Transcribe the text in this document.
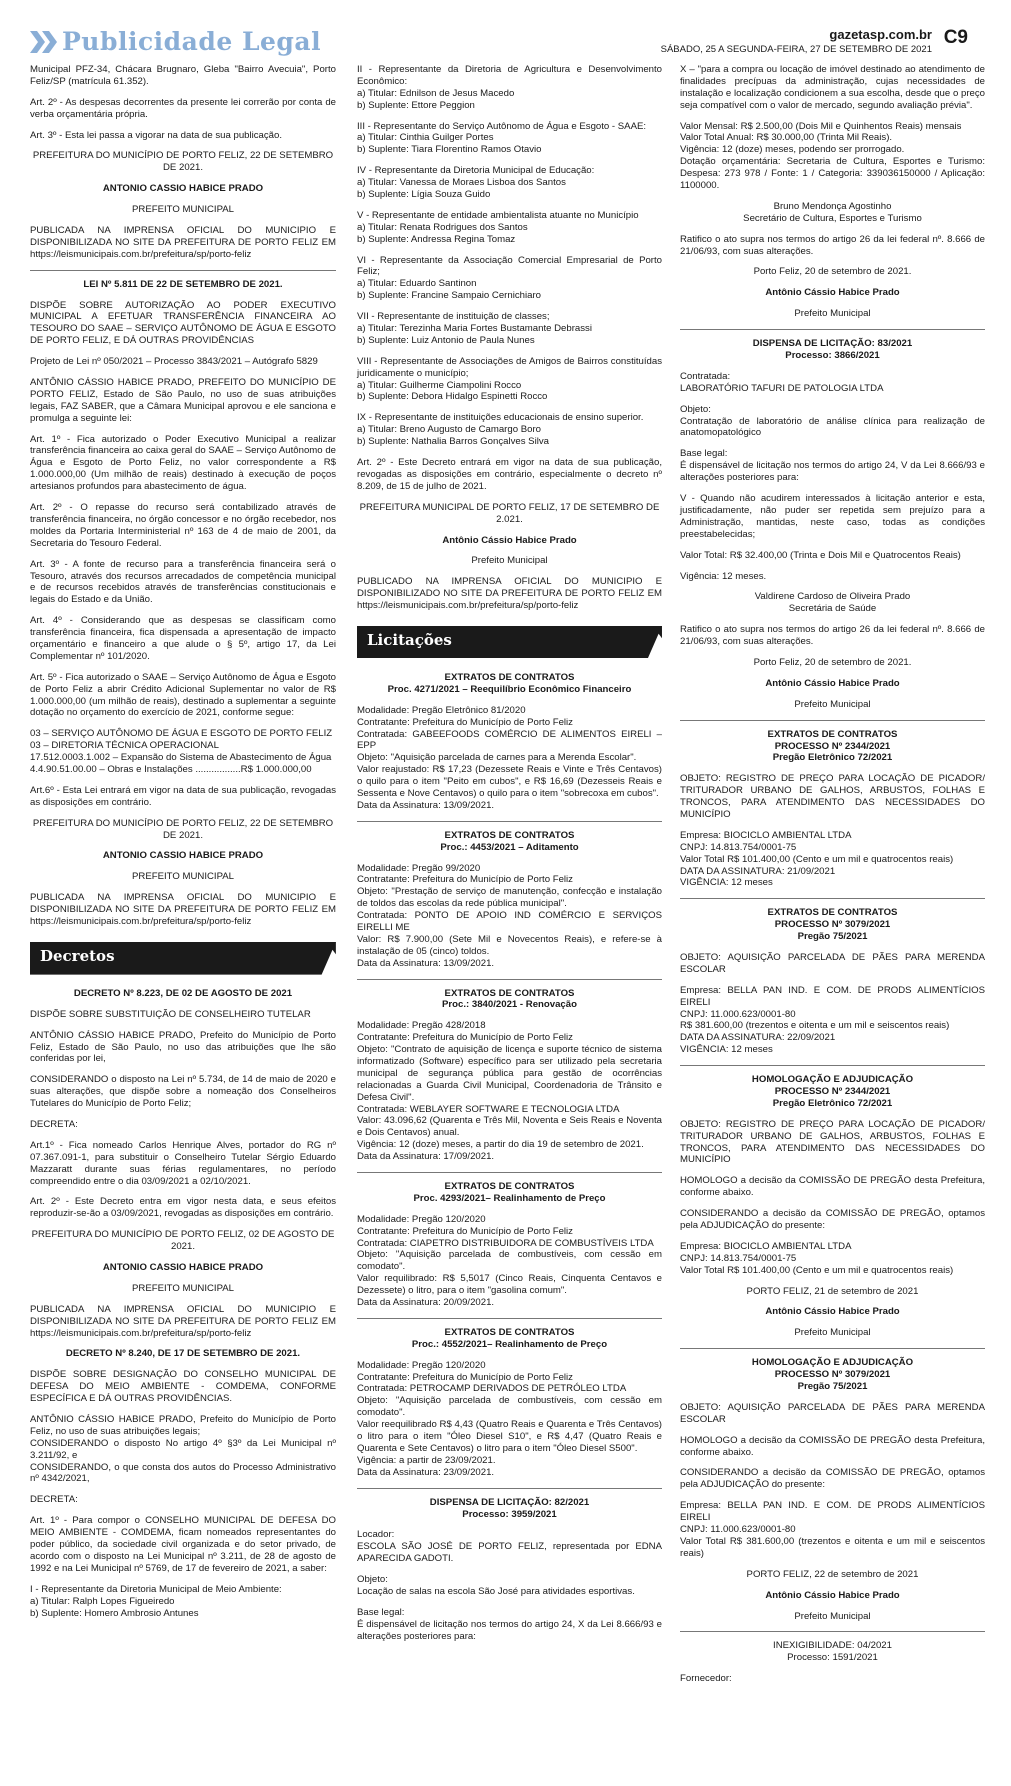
Publicidade Legal	gazetasp.com.br
SÁBADO, 25 A SEGUNDA-FEIRA, 27 DE SETEMBRO DE 2021
C9
Municipal PFZ-34, Chácara Brugnaro, Gleba "Bairro Avecuia", Porto Feliz/SP (matrícula 61.352).
Art. 2º - As despesas decorrentes da presente lei correrão por conta de verba orçamentária própria.
Art. 3º - Esta lei passa a vigorar na data de sua publicação.
PREFEITURA DO MUNICÍPIO DE PORTO FELIZ, 22 DE SETEMBRO DE 2021.
ANTONIO CASSIO HABICE PRADO
PREFEITO MUNICIPAL
PUBLICADA NA IMPRENSA OFICIAL DO MUNICIPIO E DISPONIBILIZADA NO SITE DA PREFEITURA DE PORTO FELIZ EM https://leismunicipais.com.br/prefeitura/sp/porto-feliz
LEI Nº 5.811 DE 22 DE SETEMBRO DE 2021.
DISPÕE SOBRE AUTORIZAÇÃO AO PODER EXECUTIVO MUNICIPAL A EFETUAR TRANSFERÊNCIA FINANCEIRA AO TESOURO DO SAAE – SERVIÇO AUTÔNOMO DE ÁGUA E ESGOTO DE PORTO FELIZ, E DÁ OUTRAS PROVIDÊNCIAS
Projeto de Lei nº 050/2021 – Processo 3843/2021 – Autógrafo 5829
ANTÔNIO CÁSSIO HABICE PRADO, PREFEITO DO MUNICÍPIO DE PORTO FELIZ, Estado de São Paulo, no uso de suas atribuições legais, FAZ SABER, que a Câmara Municipal aprovou e ele sanciona e promulga a seguinte lei:
Art. 1º - Fica autorizado o Poder Executivo Municipal a realizar transferência financeira ao caixa geral do SAAE – Serviço Autônomo de Água e Esgoto de Porto Feliz, no valor correspondente a R$ 1.000.000,00 (Um milhão de reais) destinado à execução de poços artesianos profundos para abastecimento de água.
Art. 2º - O repasse do recurso será contabilizado através de transferência financeira, no órgão concessor e no órgão recebedor, nos moldes da Portaria Interministerial nº 163 de 4 de maio de 2001, da Secretaria do Tesouro Federal.
Art. 3º - A fonte de recurso para a transferência financeira será o Tesouro, através dos recursos arrecadados de competência municipal e de recursos recebidos através de transferências constitucionais e legais do Estado e da União.
Art. 4º - Considerando que as despesas se classificam como transferência financeira, fica dispensada a apresentação de impacto orçamentário e financeiro a que alude o § 5º, artigo 17, da Lei Complementar nº 101/2020.
Art. 5º - Fica autorizado o SAAE – Serviço Autônomo de Água e Esgoto de Porto Feliz a abrir Crédito Adicional Suplementar no valor de R$ 1.000.000,00 (um milhão de reais), destinado a suplementar a seguinte dotação no orçamento do exercício de 2021, conforme segue:
03 – SERVIÇO AUTÔNOMO DE ÁGUA E ESGOTO DE PORTO FELIZ
03 – DIRETORIA TÉCNICA OPERACIONAL
17.512.0003.1.002 – Expansão do Sistema de Abastecimento de Água
4.4.90.51.00.00 – Obras e Instalações .................R$ 1.000.000,00
Art.6º - Esta Lei entrará em vigor na data de sua publicação, revogadas as disposições em contrário.
PREFEITURA DO MUNICÍPIO DE PORTO FELIZ, 22 DE SETEMBRO DE 2021.
ANTONIO CASSIO HABICE PRADO
PREFEITO MUNICIPAL
PUBLICADA NA IMPRENSA OFICIAL DO MUNICIPIO E DISPONIBILIZADA NO SITE DA PREFEITURA DE PORTO FELIZ EM https://leismunicipais.com.br/prefeitura/sp/porto-feliz
Decretos
DECRETO Nº 8.223, DE 02 DE AGOSTO DE 2021
DISPÕE SOBRE SUBSTITUIÇÃO DE CONSELHEIRO TUTELAR
ANTÔNIO CÁSSIO HABICE PRADO, Prefeito do Município de Porto Feliz, Estado de São Paulo, no uso das atribuições que lhe são conferidas por lei,
CONSIDERANDO o disposto na Lei nº 5.734, de 14 de maio de 2020 e suas alterações, que dispõe sobre a nomeação dos Conselheiros Tutelares do Município de Porto Feliz;
DECRETA:
Art.1º - Fica nomeado Carlos Henrique Alves, portador do RG nº 07.367.091-1, para substituir o Conselheiro Tutelar Sérgio Eduardo Mazzaratt durante suas férias regulamentares, no período compreendido entre o dia 03/09/2021 a 02/10/2021.
Art. 2º - Este Decreto entra em vigor nesta data, e seus efeitos reproduzir-se-ão a 03/09/2021, revogadas as disposições em contrário.
PREFEITURA DO MUNICÍPIO DE PORTO FELIZ, 02 DE AGOSTO DE 2021.
ANTONIO CASSIO HABICE PRADO
PREFEITO MUNICIPAL
PUBLICADA NA IMPRENSA OFICIAL DO MUNICIPIO E DISPONIBILIZADA NO SITE DA PREFEITURA DE PORTO FELIZ EM https://leismunicipais.com.br/prefeitura/sp/porto-feliz
DECRETO Nº 8.240, DE 17 DE SETEMBRO DE 2021.
DISPÕE SOBRE DESIGNAÇÃO DO CONSELHO MUNICIPAL DE DEFESA DO MEIO AMBIENTE - COMDEMA, CONFORME ESPECÍFICA E DÁ OUTRAS PROVIDÊNCIAS.
ANTÔNIO CÁSSIO HABICE PRADO, Prefeito do Município de Porto Feliz, no uso de suas atribuições legais;
CONSIDERANDO o disposto No artigo 4º §3º da Lei Municipal nº 3.211/92, e
CONSIDERANDO, o que consta dos autos do Processo Administrativo nº 4342/2021,
DECRETA:
Art. 1º - Para compor o CONSELHO MUNICIPAL DE DEFESA DO MEIO AMBIENTE - COMDEMA, ficam nomeados representantes do poder público, da sociedade civil organizada e do setor privado, de acordo com o disposto na Lei Municipal nº 3.211, de 28 de agosto de 1992 e na Lei Municipal nº 5769, de 17 de fevereiro de 2021, a saber:
I - Representante da Diretoria Municipal de Meio Ambiente:
a) Titular: Ralph Lopes Figueiredo
b) Suplente: Homero Ambrosio Antunes
II - Representante da Diretoria de Agricultura e Desenvolvimento Econômico:
a) Titular: Ednilson de Jesus Macedo
b) Suplente: Ettore Peggion
III - Representante do Serviço Autônomo de Água e Esgoto - SAAE:
a) Titular: Cinthia Guilger Portes
b) Suplente: Tiara Florentino Ramos Otavio
IV - Representante da Diretoria Municipal de Educação:
a) Titular: Vanessa de Moraes Lisboa dos Santos
b) Suplente: Lígia Souza Guido
V - Representante de entidade ambientalista atuante no Município
a) Titular: Renata Rodrigues dos Santos
b) Suplente: Andressa Regina Tomaz
VI - Representante da Associação Comercial Empresarial de Porto Feliz;
a) Titular: Eduardo Santinon
b) Suplente: Francine Sampaio Cernichiaro
VII - Representante de instituição de classes;
a) Titular: Terezinha Maria Fortes Bustamante Debrassi
b) Suplente: Luiz Antonio de Paula Nunes
VIII - Representante de Associações de Amigos de Bairros constituídas juridicamente o município;
a) Titular: Guilherme Ciampolini Rocco
b) Suplente: Debora Hidalgo Espinetti Rocco
IX - Representante de instituições educacionais de ensino superior.
a) Titular: Breno Augusto de Camargo Boro
b) Suplente: Nathalia Barros Gonçalves Silva
Art. 2º - Este Decreto entrará em vigor na data de sua publicação, revogadas as disposições em contrário, especialmente o decreto nº 8.209, de 15 de julho de 2021.
PREFEITURA MUNICIPAL DE PORTO FELIZ, 17 DE SETEMBRO DE 2.021.
Antônio Cássio Habice Prado
Prefeito Municipal
PUBLICADO NA IMPRENSA OFICIAL DO MUNICIPIO E DISPONIBILIZADO NO SITE DA PREFEITURA DE PORTO FELIZ EM https://leismunicipais.com.br/prefeitura/sp/porto-feliz
Licitações
EXTRATOS DE CONTRATOS
Proc. 4271/2021 – Reequilíbrio Econômico Financeiro
Modalidade: Pregão Eletrônico 81/2020
Contratante: Prefeitura do Município de Porto Feliz
Contratada: GABEEFOODS COMÉRCIO DE ALIMENTOS EIRELI – EPP
Objeto: "Aquisição parcelada de carnes para a Merenda Escolar".
Valor reajustado: R$ 17,23 (Dezessete Reais e Vinte e Três Centavos) o quilo para o item "Peito em cubos", e R$ 16,69 (Dezesseis Reais e Sessenta e Nove Centavos) o quilo para o item "sobrecoxa em cubos".
Data da Assinatura: 13/09/2021.
EXTRATOS DE CONTRATOS
Proc.: 4453/2021 – Aditamento
Modalidade: Pregão 99/2020
Contratante: Prefeitura do Município de Porto Feliz
Objeto: "Prestação de serviço de manutenção, confecção e instalação de toldos das escolas da rede pública municipal".
Contratada: PONTO DE APOIO IND COMÉRCIO E SERVIÇOS EIRELLI ME
Valor: R$ 7.900,00 (Sete Mil e Novecentos Reais), e refere-se à instalação de 05 (cinco) toldos.
Data da Assinatura: 13/09/2021.
EXTRATOS DE CONTRATOS
Proc.: 3840/2021 - Renovação
Modalidade: Pregão 428/2018
Contratante: Prefeitura do Município de Porto Feliz
Objeto: "Contrato de aquisição de licença e suporte técnico de sistema informatizado (Software) específico para ser utilizado pela secretaria municipal de segurança pública para gestão de ocorrências relacionadas a Guarda Civil Municipal, Coordenadoria de Trânsito e Defesa Civil".
Contratada: WEBLAYER SOFTWARE E TECNOLOGIA LTDA
Valor: 43.096,62 (Quarenta e Três Mil, Noventa e Seis Reais e Noventa e Dois Centavos) anual.
Vigência: 12 (doze) meses, a partir do dia 19 de setembro de 2021.
Data da Assinatura: 17/09/2021.
EXTRATOS DE CONTRATOS
Proc. 4293/2021– Realinhamento de Preço
Modalidade: Pregão 120/2020
Contratante: Prefeitura do Município de Porto Feliz
Contratada: CIAPETRO DISTRIBUIDORA DE COMBUSTÍVEIS LTDA
Objeto: "Aquisição parcelada de combustíveis, com cessão em comodato".
Valor requilibrado: R$ 5,5017 (Cinco Reais, Cinquenta Centavos e Dezessete) o litro, para o item "gasolina comum".
Data da Assinatura: 20/09/2021.
EXTRATOS DE CONTRATOS
Proc.: 4552/2021– Realinhamento de Preço
Modalidade: Pregão 120/2020
Contratante: Prefeitura do Município de Porto Feliz
Contratada: PETROCAMP DERIVADOS DE PETRÓLEO LTDA
Objeto: "Aquisição parcelada de combustíveis, com cessão em comodato".
Valor reequilibrado R$ 4,43 (Quatro Reais e Quarenta e Três Centavos) o litro para o item "Óleo Diesel S10", e R$ 4,47 (Quatro Reais e Quarenta e Sete Centavos) o litro para o item "Óleo Diesel S500".
Vigência: a partir de 23/09/2021.
Data da Assinatura: 23/09/2021.
DISPENSA DE LICITAÇÃO: 82/2021
Processo: 3959/2021
Locador:
ESCOLA SÃO JOSÉ DE PORTO FELIZ, representada por EDNA APARECIDA GADOTI.
Objeto:
Locação de salas na escola São José para atividades esportivas.
Base legal:
É dispensável de licitação nos termos do artigo 24, X da Lei 8.666/93 e alterações posteriores para:
X – "para a compra ou locação de imóvel destinado ao atendimento de finalidades precípuas da administração, cujas necessidades de instalação e localização condicionem a sua escolha, desde que o preço seja compatível com o valor de mercado, segundo avaliação prévia".
Valor Mensal: R$ 2.500,00 (Dois Mil e Quinhentos Reais) mensais
Valor Total Anual: R$ 30.000,00 (Trinta Mil Reais).
Vigência: 12 (doze) meses, podendo ser prorrogado.
Dotação orçamentária: Secretaria de Cultura, Esportes e Turismo: Despesa: 273 978 / Fonte: 1 / Categoria: 339036150000 / Aplicação: 1100000.
Bruno Mendonça Agostinho
Secretário de Cultura, Esportes e Turismo
Ratifico o ato supra nos termos do artigo 26 da lei federal nº. 8.666 de 21/06/93, com suas alterações.
Porto Feliz, 20 de setembro de 2021.
Antônio Cássio Habice Prado
Prefeito Municipal
DISPENSA DE LICITAÇÃO: 83/2021
Processo: 3866/2021
Contratada:
LABORATÓRIO TAFURI DE PATOLOGIA LTDA
Objeto:
Contratação de laboratório de análise clínica para realização de anatomopatológico
Base legal:
É dispensável de licitação nos termos do artigo 24, V da Lei 8.666/93 e alterações posteriores para:
V - Quando não acudirem interessados à licitação anterior e esta, justificadamente, não puder ser repetida sem prejuízo para a Administração, mantidas, neste caso, todas as condições preestabelecidas;
Valor Total: R$ 32.400,00 (Trinta e Dois Mil e Quatrocentos Reais)
Vigência: 12 meses.
Valdirene Cardoso de Oliveira Prado
Secretária de Saúde
Ratifico o ato supra nos termos do artigo 26 da lei federal nº. 8.666 de 21/06/93, com suas alterações.
Porto Feliz, 20 de setembro de 2021.
Antônio Cássio Habice Prado
Prefeito Municipal
EXTRATOS DE CONTRATOS
PROCESSO Nº 2344/2021
Pregão Eletrônico 72/2021
OBJETO: REGISTRO DE PREÇO PARA LOCAÇÃO DE PICADOR/ TRITURADOR URBANO DE GALHOS, ARBUSTOS, FOLHAS E TRONCOS, PARA ATENDIMENTO DAS NECESSIDADES DO MUNICÍPIO
Empresa: BIOCICLO AMBIENTAL LTDA
CNPJ: 14.813.754/0001-75
Valor Total R$ 101.400,00 (Cento e um mil e quatrocentos reais)
DATA DA ASSINATURA: 21/09/2021
VIGÊNCIA: 12 meses
EXTRATOS DE CONTRATOS
PROCESSO Nº 3079/2021
Pregão 75/2021
OBJETO: AQUISIÇÃO PARCELADA DE PÃES PARA MERENDA ESCOLAR
Empresa: BELLA PAN IND. E COM. DE PRODS ALIMENTÍCIOS EIRELI
CNPJ: 11.000.623/0001-80
R$ 381.600,00 (trezentos e oitenta e um mil e seiscentos reais)
DATA DA ASSINATURA: 22/09/2021
VIGÊNCIA: 12 meses
HOMOLOGAÇÃO E ADJUDICAÇÃO
PROCESSO Nº 2344/2021
Pregão Eletrônico 72/2021
OBJETO: REGISTRO DE PREÇO PARA LOCAÇÃO DE PICADOR/ TRITURADOR URBANO DE GALHOS, ARBUSTOS, FOLHAS E TRONCOS, PARA ATENDIMENTO DAS NECESSIDADES DO MUNICÍPIO
HOMOLOGO a decisão da COMISSÃO DE PREGÃO desta Prefeitura, conforme abaixo.
CONSIDERANDO a decisão da COMISSÃO DE PREGÃO, optamos pela ADJUDICAÇÃO do presente:
Empresa: BIOCICLO AMBIENTAL LTDA
CNPJ: 14.813.754/0001-75
Valor Total R$ 101.400,00 (Cento e um mil e quatrocentos reais)
PORTO FELIZ, 21 de setembro de 2021
Antônio Cássio Habice Prado
Prefeito Municipal
HOMOLOGAÇÃO E ADJUDICAÇÃO
PROCESSO Nº 3079/2021
Pregão 75/2021
OBJETO: AQUISIÇÃO PARCELADA DE PÃES PARA MERENDA ESCOLAR
HOMOLOGO a decisão da COMISSÃO DE PREGÃO desta Prefeitura, conforme abaixo.
CONSIDERANDO a decisão da COMISSÃO DE PREGÃO, optamos pela ADJUDICAÇÃO do presente:
Empresa: BELLA PAN IND. E COM. DE PRODS ALIMENTÍCIOS EIRELI
CNPJ: 11.000.623/0001-80
Valor Total R$ 381.600,00 (trezentos e oitenta e um mil e seiscentos reais)
PORTO FELIZ, 22 de setembro de 2021
Antônio Cássio Habice Prado
Prefeito Municipal
INEXIGIBILIDADE: 04/2021
Processo: 1591/2021
Fornecedor:
